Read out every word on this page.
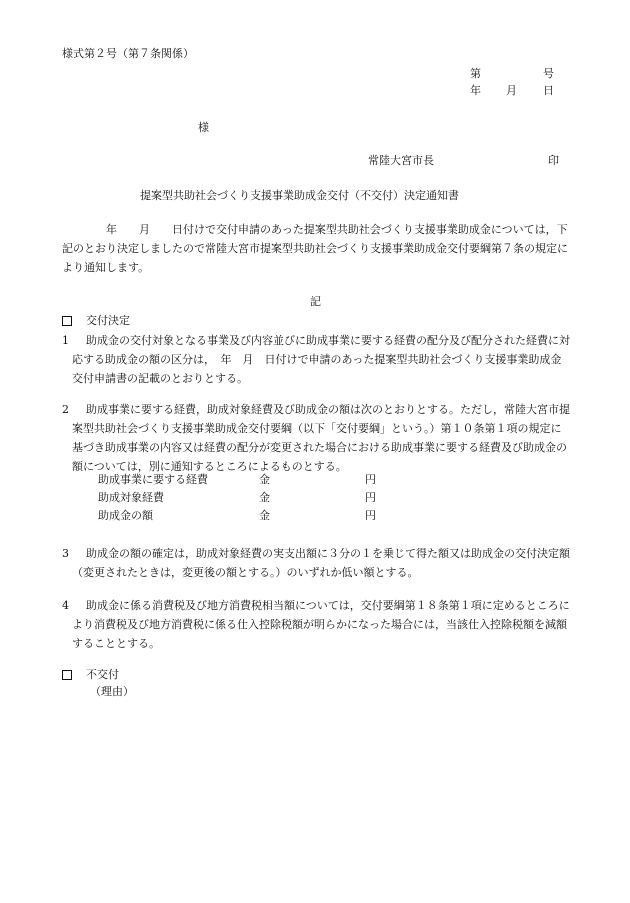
様式第２号（第７条関係）
第	号
年 月 日
様
常陸大宮市長	印
提案型共助社会づくり支援事業助成金交付（不交付）決定通知書
　　年　　月　　日付けで交付申請のあった提案型共助社会づくり支援事業助成金については，下記のとおり決定しましたので常陸大宮市提案型共助社会づくり支援事業助成金交付要綱第７条の規定により通知します。
記
交付決定
1	助成金の交付対象となる事業及び内容並びに助成事業に要する経費の配分及び配分された経費に対応する助成金の額の区分は，　年　月　日付けで申請のあった提案型共助社会づくり支援事業助成金交付申請書の記載のとおりとする。
2	助成事業に要する経費，助成対象経費及び助成金の額は次のとおりとする。ただし，常陸大宮市提案型共助社会づくり支援事業助成金交付要綱（以下「交付要綱」という。）第１０条第１項の規定に基づき助成事業の内容又は経費の配分が変更された場合における助成事業に要する経費及び助成金の額については，別に通知するところによるものとする。
助成事業に要する経費	金	円
助成対象経費	金	円
助成金の額	金	円
3	助成金の額の確定は，助成対象経費の実支出額に３分の１を乗じて得た額又は助成金の交付決定額（変更されたときは，変更後の額とする。）のいずれか低い額とする。
4	助成金に係る消費税及び地方消費税相当額については，交付要綱第１８条第１項に定めるところにより消費税及び地方消費税に係る仕入控除税額が明らかになった場合には，当該仕入控除税額を減額することとする。
不交付
（理由）
